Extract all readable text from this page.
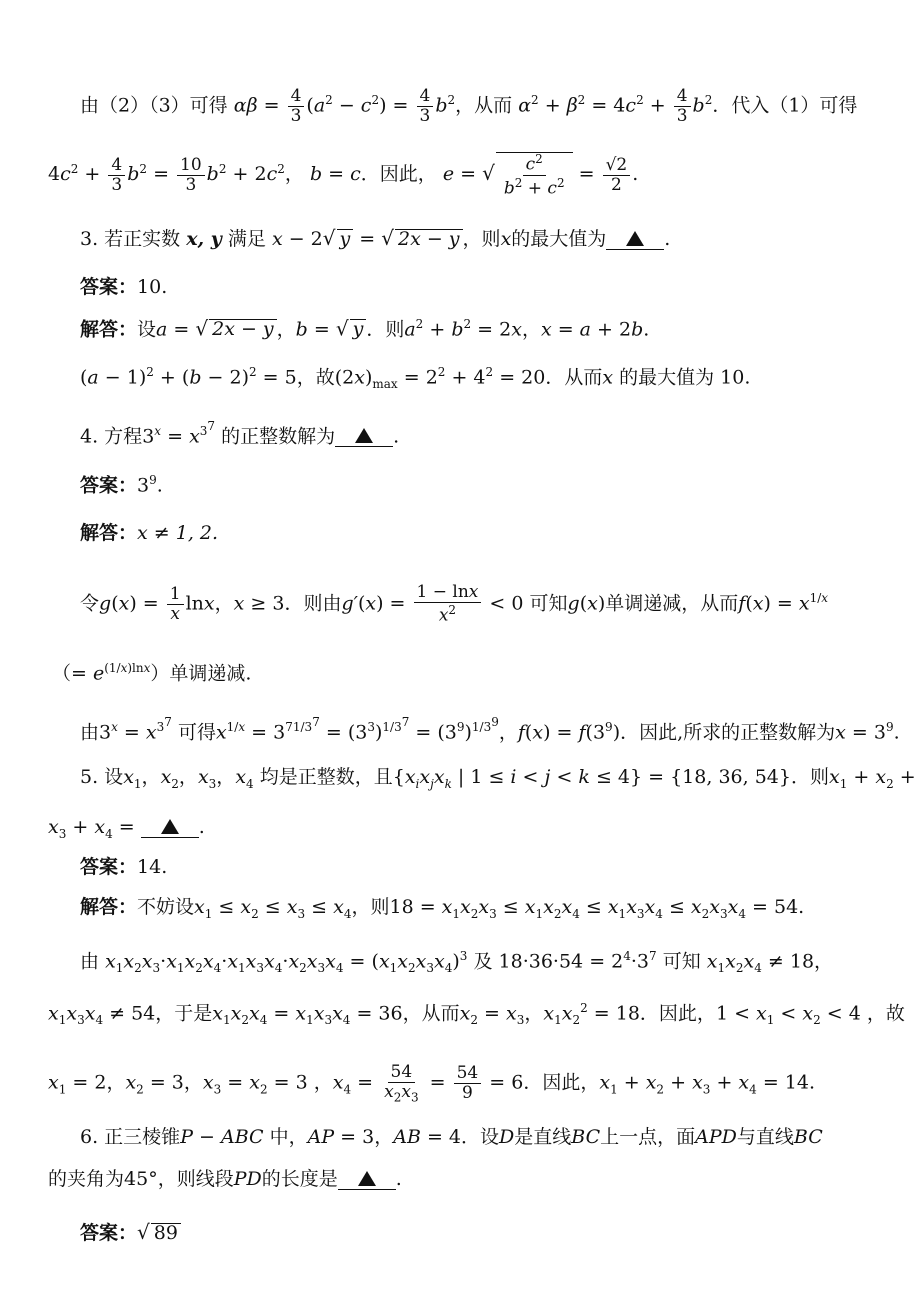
由（2）（3）可得 $\alpha\beta = \frac{4}{3} (a^2 - c^2) = \frac{4}{3} b^2$，从而 $\alpha^2 + \beta^2 = 4c^2 + \frac{4}{3} b^2$．代入（1）可得
$4c^2 + \frac{4}{3} b^2 = \frac{10}{3} b^2 + 2c^2$， b = c．因此， e = √ $\frac{c^2}{b^2 + c^2} = \frac{√2}{2}$ .
3. 若正实数 x, y 满足 x − 2√ y = √ 2x − y ，则x的最大值为	.
答案：10.
解答：设a = √ 2x − y ，b = √ y ．则$a^2 + b^2 = 2x$，x = a + 2b.
$(a - 1)^2 + (b - 2)^2 = 5$，故$(2x)_{max} = 2^2 + 4^2 = 20$．从而x 的最大值为 10.
4. 方程$3^x = x^{3^7}$ 的正整数解为	.
答案：$3^9$.
解答：x ≠ 1, 2.
令$g(x) = \frac{1}{x}$ lnx，x ≥ 3．则由$g'(x) = \frac{1 - \ln x}{x^2} < 0$ 可知g(x)单调递减，从而$f(x) = x^{1/x}$
（= $e^{(1/x)lnx}$）单调递减.
由$3^x = x^{3^7}$ 可得$x^{1/x} = 3^{71/3^7} = (3^3)^{1/3^7} = (3^9)^{1/3^9}$，$f(x) = f(3^9)$．因此,所求的正整数解为$x = 3^9$.
5. 设$x_1$，$x_2$，$x_3$，$x_4$ 均是正整数，且{$x_ix_jx_k$ | 1 ≤ i < j < k ≤ 4} = {18, 36, 54}．则$x_1 + x_2$ +
$x_3 + x_4$ =	.
答案：14.
解答：不妨设$x_1 \le x_2 \le x_3 \le x_4$，则$18 = x_1x_2x_3 \le x_1x_2x_4 \le x_1x_3x_4 \le x_2x_3x_4 = 54$.
由 $x_1x_2x_3\cdot x_1x_2x_4\cdot x_1x_3x_4\cdot x_2x_3x_4 = (x_1x_2x_3x_4)^3$ 及 $18\cdot 36\cdot 54 = 2^4\cdot 3^7$ 可知 $x_1x_2x_4 \ne 18$，
$x_1x_3x_4 \ne 54$，于是$x_1x_2x_4 = x_1x_3x_4 = 36$，从而$x_2 = x_3$，$x_1x_2^2 = 18$．因此，$1 < x_1 < x_2 < 4$ ，故
$x_1 = 2$，$x_2 = 3$，$x_3 = x_2 = 3$ ，$x_4 = \frac{54}{x_2x_3} = \frac{54}{9} = 6$．因此，$x_1 + x_2 + x_3 + x_4 = 14$.
6. 正三棱锥P − ABC 中，AP = 3，AB = 4．设D是直线BC上一点，面APD与直线BC
的夹角为45°，则线段PD的长度是	.
答案：√ 89
